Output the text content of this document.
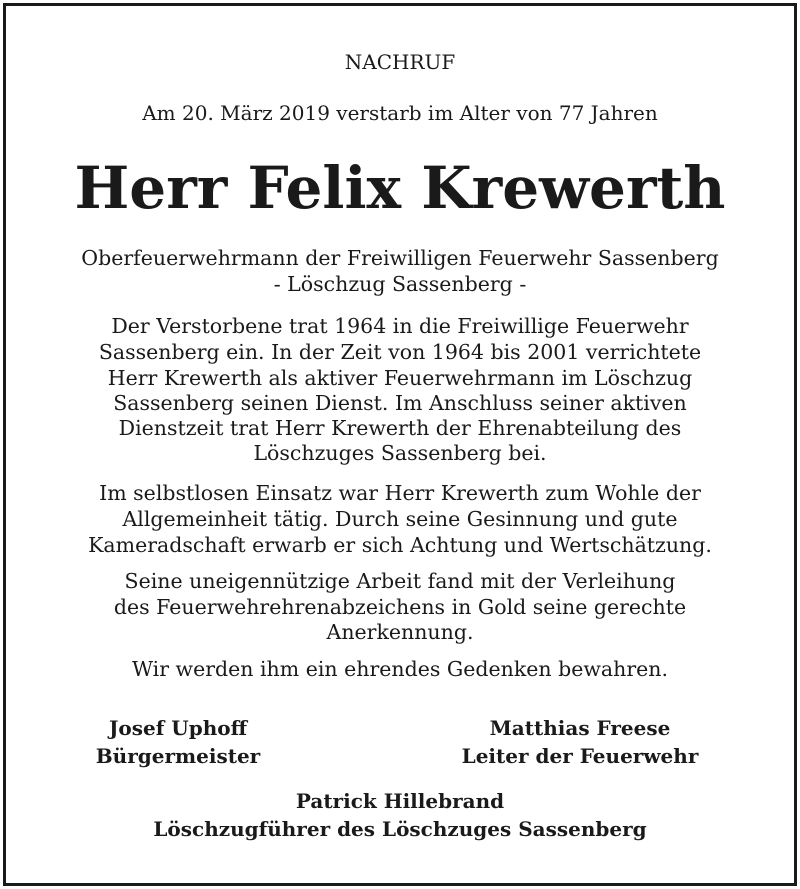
NACHRUF
Am 20. März 2019 verstarb im Alter von 77 Jahren
Herr Felix Krewerth
Oberfeuerwehrmann der Freiwilligen Feuerwehr Sassenberg
- Löschzug Sassenberg -
Der Verstorbene trat 1964 in die Freiwillige Feuerwehr
Sassenberg ein. In der Zeit von 1964 bis 2001 verrichtete
Herr Krewerth als aktiver Feuerwehrmann im Löschzug
Sassenberg seinen Dienst. Im Anschluss seiner aktiven
Dienstzeit trat Herr Krewerth der Ehrenabteilung des
Löschzuges Sassenberg bei.
Im selbstlosen Einsatz war Herr Krewerth zum Wohle der
Allgemeinheit tätig. Durch seine Gesinnung und gute
Kameradschaft erwarb er sich Achtung und Wertschätzung.
Seine uneigennützige Arbeit fand mit der Verleihung
des Feuerwehrehrenabzeichens in Gold seine gerechte
Anerkennung.
Wir werden ihm ein ehrendes Gedenken bewahren.
Josef Uphoff
Bürgermeister
Matthias Freese
Leiter der Feuerwehr
Patrick Hillebrand
Löschzugführer des Löschzuges Sassenberg
